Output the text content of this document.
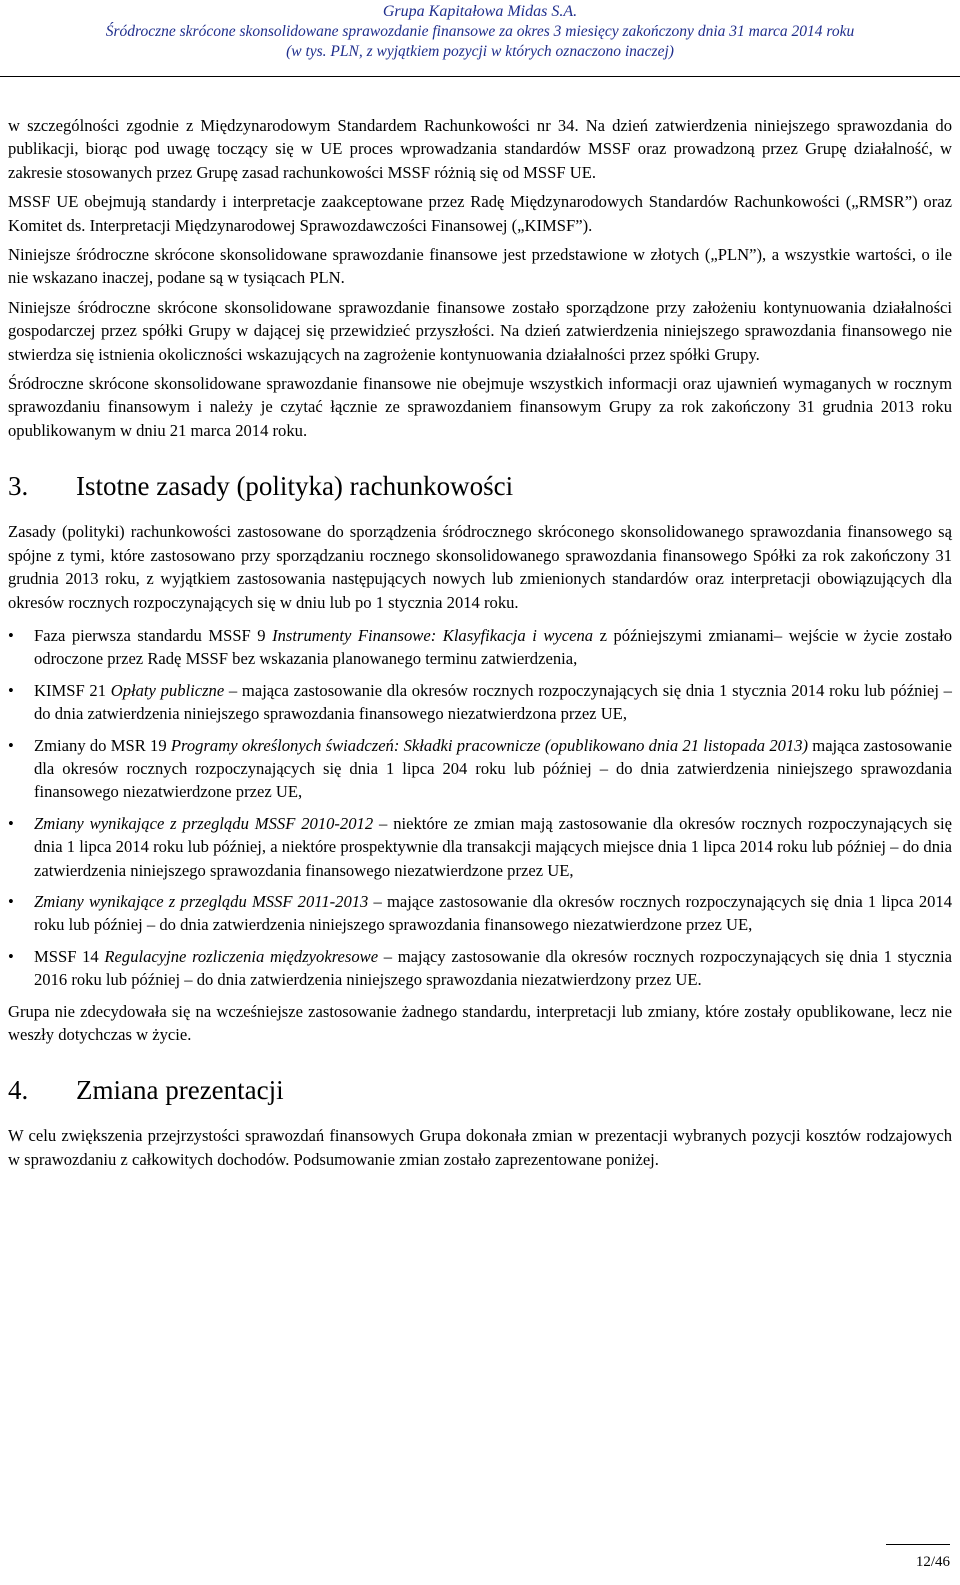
Grupa Kapitałowa Midas S.A.
Śródroczne skrócone skonsolidowane sprawozdanie finansowe za okres 3 miesięcy zakończony dnia 31 marca 2014 roku
(w tys. PLN, z wyjątkiem pozycji w których oznaczono inaczej)

w szczególności zgodnie z Międzynarodowym Standardem Rachunkowości nr 34. Na dzień zatwierdzenia niniejszego sprawozdania do publikacji, biorąc pod uwagę toczący się w UE proces wprowadzania standardów MSSF oraz prowadzoną przez Grupę działalność, w zakresie stosowanych przez Grupę zasad rachunkowości MSSF różnią się od MSSF UE.

MSSF UE obejmują standardy i interpretacje zaakceptowane przez Radę Międzynarodowych Standardów Rachunkowości („RMSR”) oraz Komitet ds. Interpretacji Międzynarodowej Sprawozdawczości Finansowej („KIMSF”).

Niniejsze śródroczne skrócone skonsolidowane sprawozdanie finansowe jest przedstawione w złotych („PLN”), a wszystkie wartości, o ile nie wskazano inaczej, podane są w tysiącach PLN.

Niniejsze śródroczne skrócone skonsolidowane sprawozdanie finansowe zostało sporządzone przy założeniu kontynuowania działalności gospodarczej przez spółki Grupy w dającej się przewidzieć przyszłości. Na dzień zatwierdzenia niniejszego sprawozdania finansowego nie stwierdza się istnienia okoliczności wskazujących na zagrożenie kontynuowania działalności przez spółki Grupy.

Śródroczne skrócone skonsolidowane sprawozdanie finansowe nie obejmuje wszystkich informacji oraz ujawnień wymaganych w rocznym sprawozdaniu finansowym i należy je czytać łącznie ze sprawozdaniem finansowym Grupy za rok zakończony 31 grudnia 2013 roku opublikowanym w dniu 21 marca 2014 roku.

3. Istotne zasady (polityka) rachunkowości

Zasady (polityki) rachunkowości zastosowane do sporządzenia śródrocznego skróconego skonsolidowanego sprawozdania finansowego są spójne z tymi, które zastosowano przy sporządzaniu rocznego skonsolidowanego sprawozdania finansowego Spółki za rok zakończony 31 grudnia 2013 roku, z wyjątkiem zastosowania następujących nowych lub zmienionych standardów oraz interpretacji obowiązujących dla okresów rocznych rozpoczynających się w dniu lub po 1 stycznia 2014 roku.

• Faza pierwsza standardu MSSF 9 Instrumenty Finansowe: Klasyfikacja i wycena z późniejszymi zmianami– wejście w życie zostało odroczone przez Radę MSSF bez wskazania planowanego terminu zatwierdzenia,
• KIMSF 21 Opłaty publiczne – mająca zastosowanie dla okresów rocznych rozpoczynających się dnia 1 stycznia 2014 roku lub później – do dnia zatwierdzenia niniejszego sprawozdania finansowego niezatwierdzona przez UE,
• Zmiany do MSR 19 Programy określonych świadczeń: Składki pracownicze (opublikowano dnia 21 listopada 2013) mająca zastosowanie dla okresów rocznych rozpoczynających się dnia 1 lipca 204 roku lub później – do dnia zatwierdzenia niniejszego sprawozdania finansowego niezatwierdzone przez UE,
• Zmiany wynikające z przeglądu MSSF 2010-2012 – niektóre ze zmian mają zastosowanie dla okresów rocznych rozpoczynających się dnia 1 lipca 2014 roku lub później, a niektóre prospektywnie dla transakcji mających miejsce dnia 1 lipca 2014 roku lub później – do dnia zatwierdzenia niniejszego sprawozdania finansowego niezatwierdzone przez UE,
• Zmiany wynikające z przeglądu MSSF 2011-2013 – mające zastosowanie dla okresów rocznych rozpoczynających się dnia 1 lipca 2014 roku lub później – do dnia zatwierdzenia niniejszego sprawozdania finansowego niezatwierdzone przez UE,
• MSSF 14 Regulacyjne rozliczenia międzyokresowe – mający zastosowanie dla okresów rocznych rozpoczynających się dnia 1 stycznia 2016 roku lub później – do dnia zatwierdzenia niniejszego sprawozdania niezatwierdzony przez UE.

Grupa nie zdecydowała się na wcześniejsze zastosowanie żadnego standardu, interpretacji lub zmiany, które zostały opublikowane, lecz nie weszły dotychczas w życie.

4. Zmiana prezentacji

W celu zwiększenia przejrzystości sprawozdań finansowych Grupa dokonała zmian w prezentacji wybranych pozycji kosztów rodzajowych w sprawozdaniu z całkowitych dochodów. Podsumowanie zmian zostało zaprezentowane poniżej.

12/46
